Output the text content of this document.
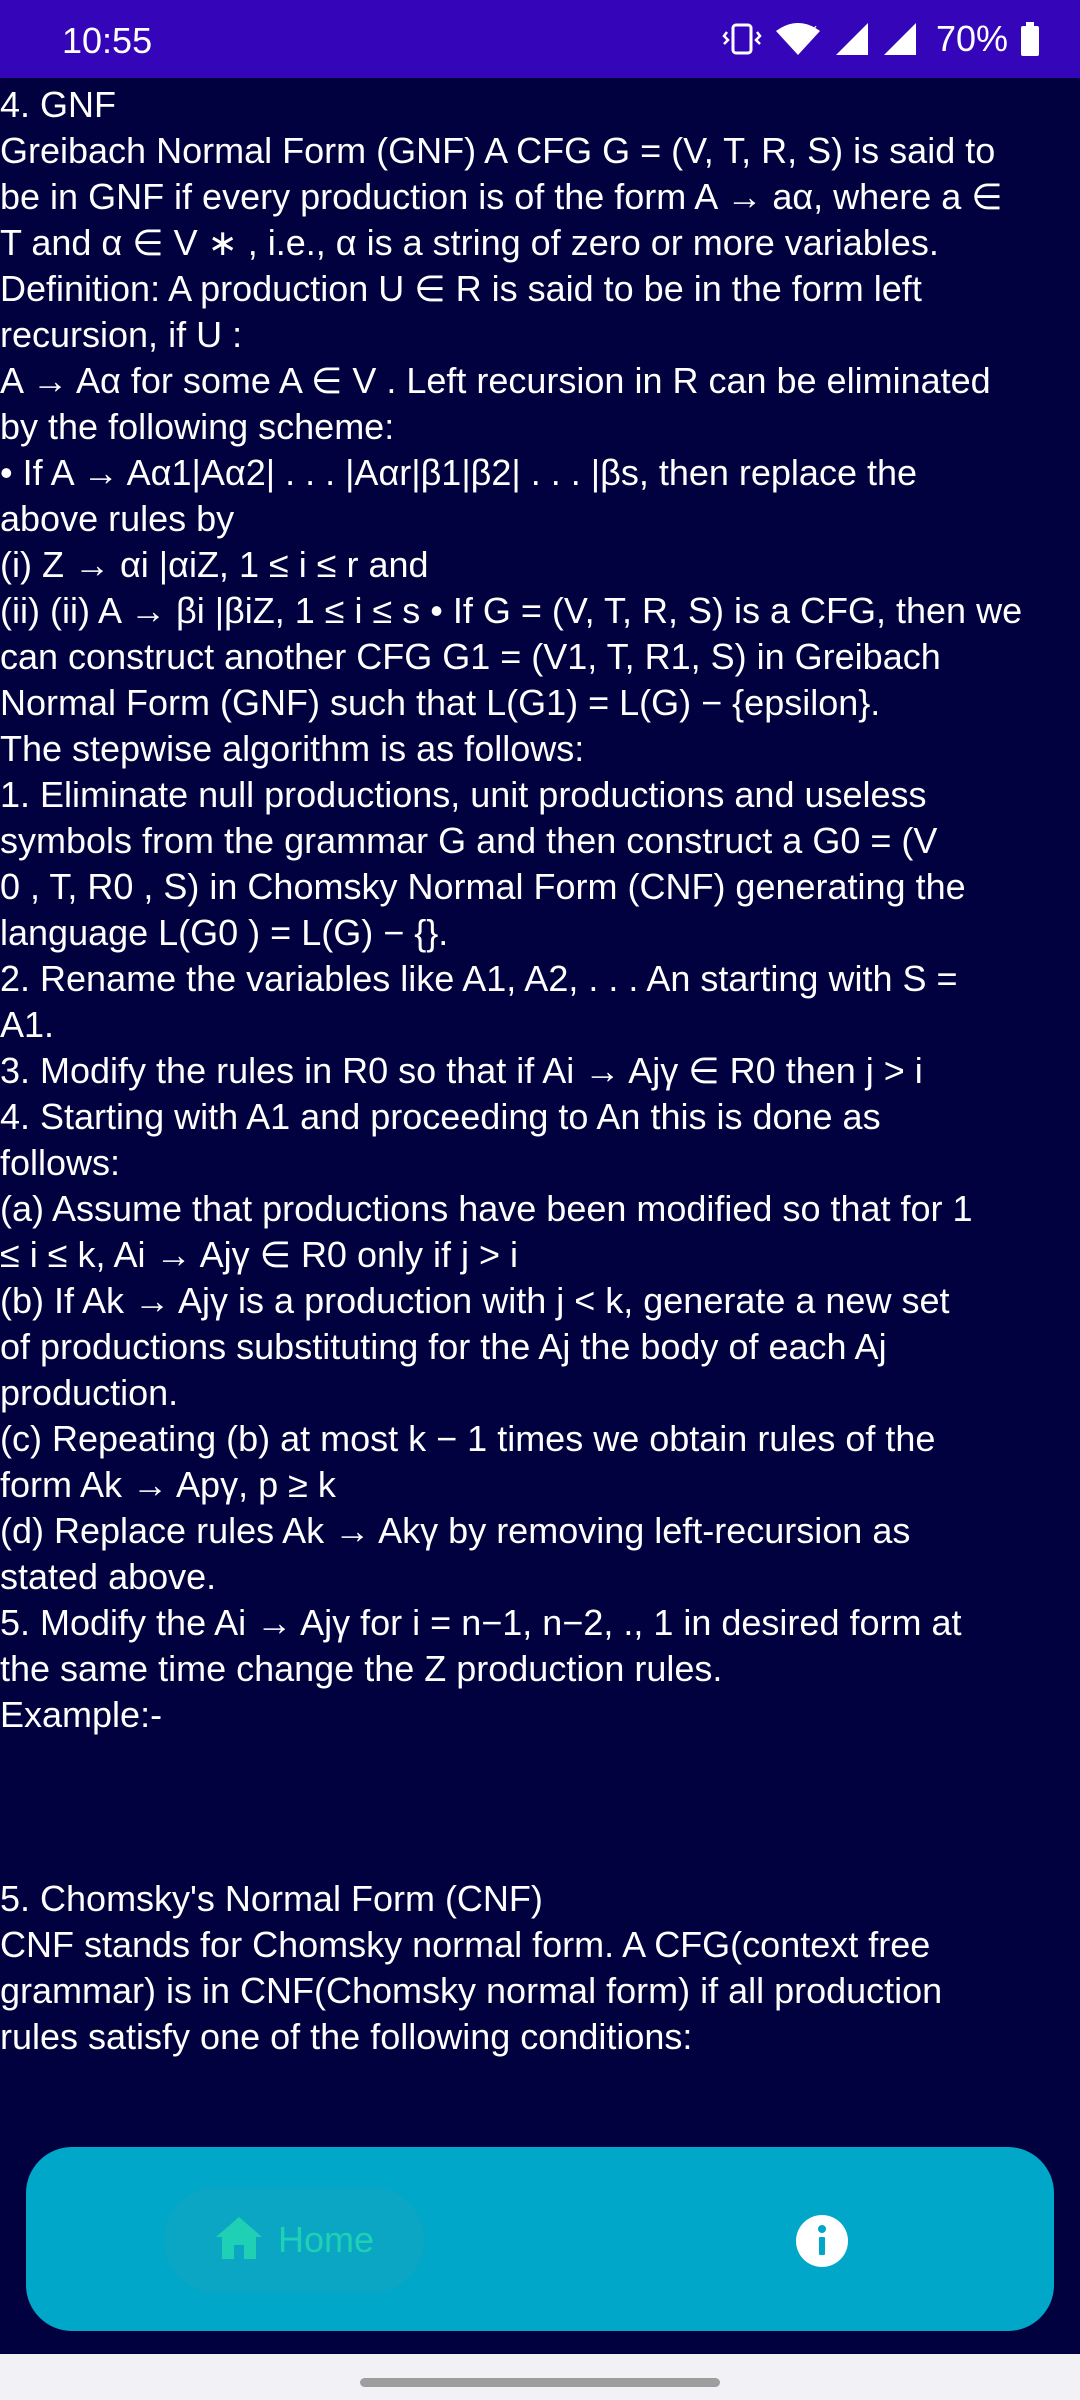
10:55	x	70%

4. GNF

Greibach Normal Form (GNF) A CFG G = (V, T, R, S) is said to

be in GNF if every production is of the form A → aα, where a ∈

T and α ∈ V ∗ , i.e., α is a string of zero or more variables.

Definition: A production U ∈ R is said to be in the form left

recursion, if U :

A → Aα for some A ∈ V . Left recursion in R can be eliminated

by the following scheme:

• If A → Aα1|Aα2| . . . |Aαr|β1|β2| . . . |βs, then replace the

above rules by

(i) Z → αi |αiZ, 1 ≤ i ≤ r and

(ii) (ii) A → βi |βiZ, 1 ≤ i ≤ s • If G = (V, T, R, S) is a CFG, then we

can construct another CFG G1 = (V1, T, R1, S) in Greibach

Normal Form (GNF) such that L(G1) = L(G) − {epsilon}.

The stepwise algorithm is as follows:

1. Eliminate null productions, unit productions and useless

symbols from the grammar G and then construct a G0 = (V

0 , T, R0 , S) in Chomsky Normal Form (CNF) generating the

language L(G0 ) = L(G) − {}.

2. Rename the variables like A1, A2, . . . An starting with S =

A1.

3. Modify the rules in R0 so that if Ai → Ajγ ∈ R0 then j > i

4. Starting with A1 and proceeding to An this is done as

follows:

(a) Assume that productions have been modified so that for 1

≤ i ≤ k, Ai → Ajγ ∈ R0 only if j > i

(b) If Ak → Ajγ is a production with j < k, generate a new set

of productions substituting for the Aj the body of each Aj

production.

(c) Repeating (b) at most k − 1 times we obtain rules of the

form Ak → Apγ, p ≥ k

(d) Replace rules Ak → Akγ by removing left-recursion as

stated above.

5. Modify the Ai → Ajγ for i = n−1, n−2, ., 1 in desired form at

the same time change the Z production rules.

Example:-

5. Chomsky's Normal Form (CNF)

CNF stands for Chomsky normal form. A CFG(context free

grammar) is in CNF(Chomsky normal form) if all production

rules satisfy one of the following conditions:

Home
